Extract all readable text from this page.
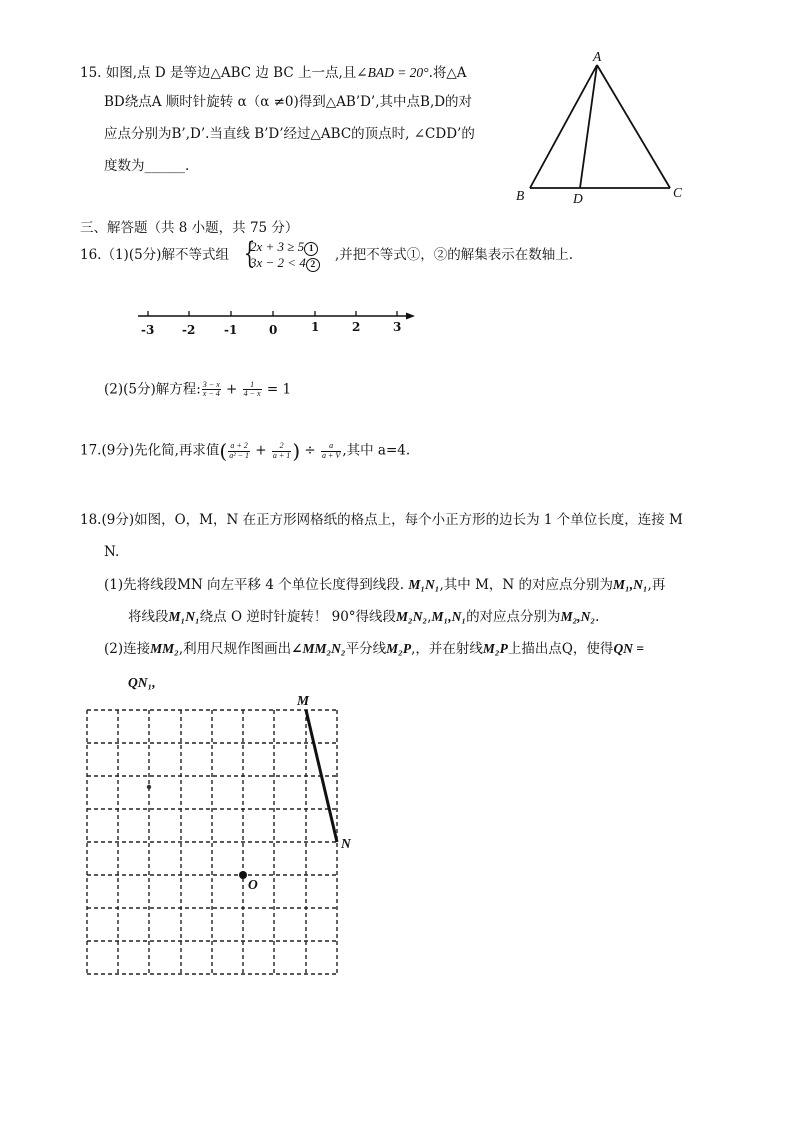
15. 如图,点 D 是等边△ABC 边 BC 上一点,且∠BAD = 20°.将△A
BD绕点A 顺时针旋转 α（α ≠0)得到△AB’D’,其中点B,D的对
应点分别为B’,D’.当直线 B’D’经过△ABC的顶点时, ∠CDD’的
度数为______.
A
B	C
D
三、解答题（共 8 小题，共 75 分）
16.（1)(5分)解不等式组 {
2x + 3 ≥ 5 1
3x − 2 < 4 2
,并把不等式①，②的解集表示在数轴上.
-3 -2 -1	0	1	2	3
(2)(5分)解方程: $\frac{3 - x}{x - 4} + \frac{1}{4 - x} = 1$
17.(9分)先化简,再求值( $\frac{a + 2}{\text{a² − 1}} + \frac{2}{a + 1}$ ) ÷ $\frac{a}{a + V}$ ,其中 a=4.
18.(9分)如图，O，M，N 在正方形网格纸的格点上，每个小正方形的边长为 1 个单位长度，连接 M
N.
(1)先将线段MN 向左平移 4 个单位长度得到线段. M₁N₁,其中 M，N 的对应点分别为M₁,N₁,再
将线段M₁N₁绕点 O 逆时针旋转！ 90°得线段M₂N₂,M₁,N₁的对应点分别为M₂,N₂.
(2)连接MM₂,利用尺规作图画出∠MM₂N₂平分线M₂P,，并在射线M₂P上描出点Q，使得QN =
QN₁,
M
N
O
